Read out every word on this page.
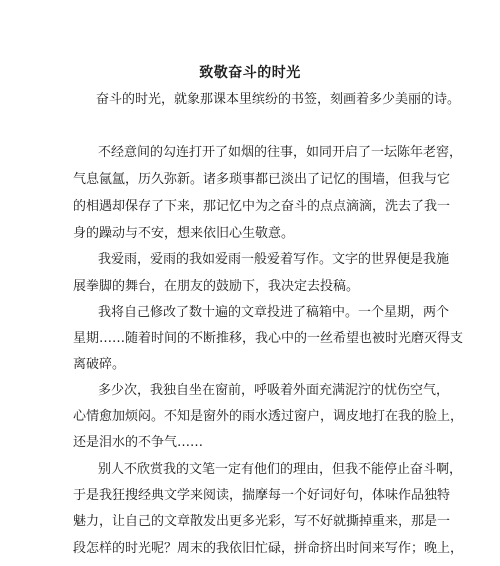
致敬奋斗的时光
奋斗的时光，就象那课本里缤纷的书签，刻画着多少美丽的诗。
不经意间的勾连打开了如烟的往事，如同开启了一坛陈年老窖，
气息氤氲，历久弥新。诸多琐事都已淡出了记忆的围墙，但我与它
的相遇却保存了下来，那记忆中为之奋斗的点点滴滴，洗去了我一
身的躁动与不安，想来依旧心生敬意。
我爱雨，爱雨的我如爱雨一般爱着写作。文字的世界便是我施
展拳脚的舞台，在朋友的鼓励下，我决定去投稿。
我将自己修改了数十遍的文章投进了稿箱中。一个星期，两个
星期……随着时间的不断推移，我心中的一丝希望也被时光磨灭得支
离破碎。
多少次，我独自坐在窗前，呼吸着外面充满泥泞的忧伤空气，
心情愈加烦闷。不知是窗外的雨水透过窗户，调皮地打在我的脸上，
还是泪水的不争气……
别人不欣赏我的文笔一定有他们的理由，但我不能停止奋斗啊，
于是我狂搜经典文学来阅读，揣摩每一个好词好句，体味作品独特
魅力，让自己的文章散发出更多光彩，写不好就撕掉重来，那是一
段怎样的时光呢？周末的我依旧忙碌，拼命挤出时间来写作；晚上，
